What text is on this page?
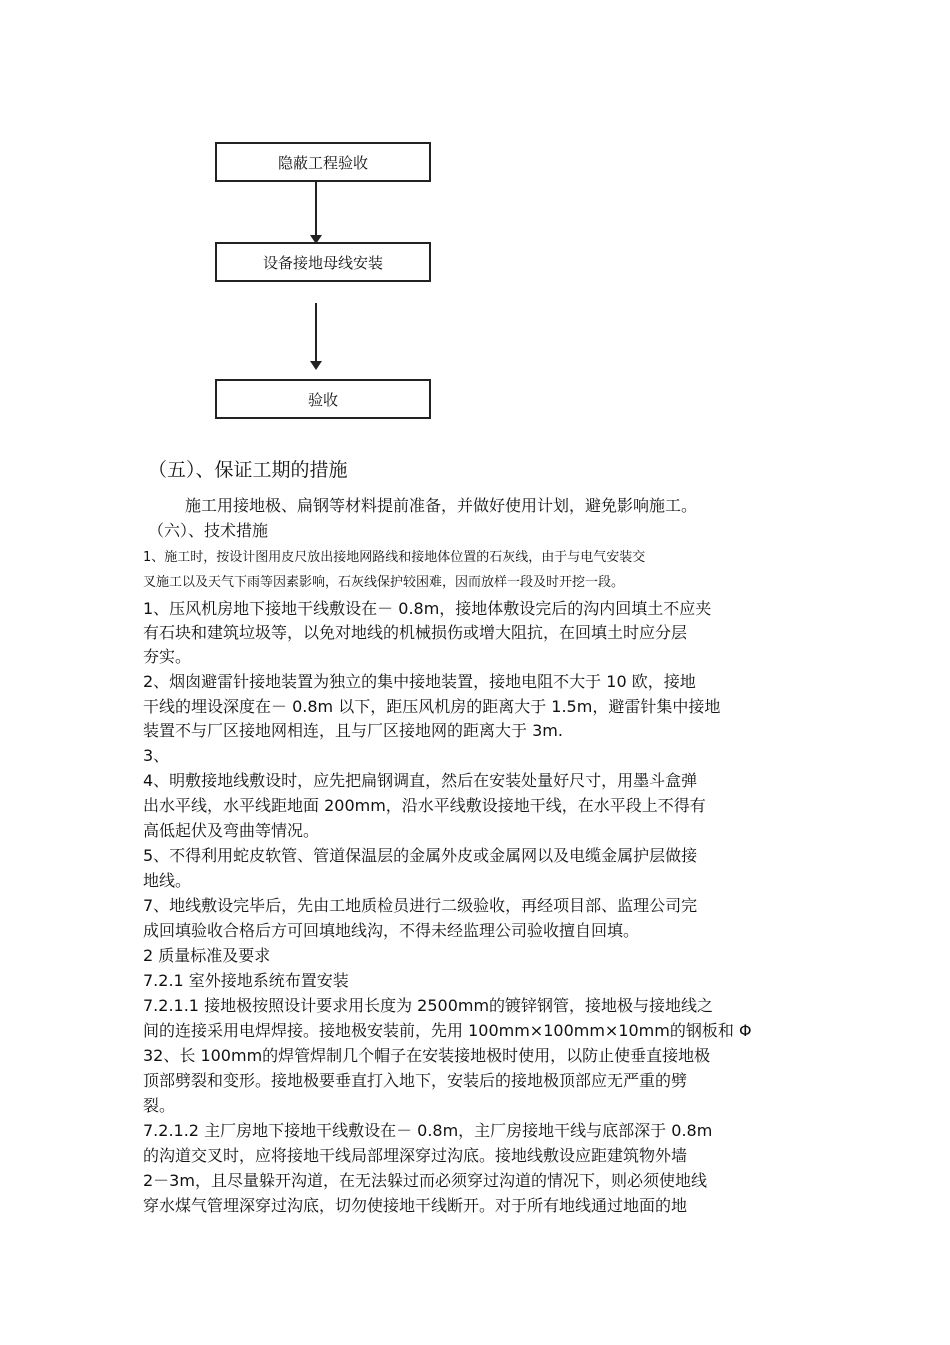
隐蔽工程验收
设备接地母线安装
验收
（五）、保证工期的措施
施工用接地极、扁钢等材料提前准备，并做好使用计划，避免影响施工。
（六）、技术措施
1、施工时，按设计图用皮尺放出接地网路线和接地体位置的石灰线，由于与电气安装交
叉施工以及天气下雨等因素影响，石灰线保护较困难，因而放样一段及时开挖一段。
1、压风机房地下接地干线敷设在－ 0.8m，接地体敷设完后的沟内回填土不应夹
有石块和建筑垃圾等，以免对地线的机械损伤或增大阻抗，在回填土时应分层
夯实。
2、烟囱避雷针接地装置为独立的集中接地装置，接地电阻不大于 10 欧，接地
干线的埋设深度在－ 0.8m 以下，距压风机房的距离大于 1.5m，避雷针集中接地
装置不与厂区接地网相连，且与厂区接地网的距离大于 3m.
3、
4、明敷接地线敷设时，应先把扁钢调直，然后在安装处量好尺寸，用墨斗盒弹
出水平线，水平线距地面 200mm，沿水平线敷设接地干线，在水平段上不得有
高低起伏及弯曲等情况。
5、不得利用蛇皮软管、管道保温层的金属外皮或金属网以及电缆金属护层做接
地线。
7、地线敷设完毕后，先由工地质检员进行二级验收，再经项目部、监理公司完
成回填验收合格后方可回填地线沟，不得未经监理公司验收擅自回填。
2 质量标准及要求
7.2.1 室外接地系统布置安装
7.2.1.1 接地极按照设计要求用长度为 2500mm的镀锌钢管，接地极与接地线之
间的连接采用电焊焊接。接地极安装前，先用 100mm×100mm×10mm的钢板和 Φ
32、长 100mm的焊管焊制几个帽子在安装接地极时使用，以防止使垂直接地极
顶部劈裂和变形。接地极要垂直打入地下，安装后的接地极顶部应无严重的劈
裂。
7.2.1.2 主厂房地下接地干线敷设在－ 0.8m，主厂房接地干线与底部深于 0.8m
的沟道交叉时，应将接地干线局部埋深穿过沟底。接地线敷设应距建筑物外墙
2－3m，且尽量躲开沟道，在无法躲过而必须穿过沟道的情况下，则必须使地线
穿水煤气管埋深穿过沟底，切勿使接地干线断开。对于所有地线通过地面的地
